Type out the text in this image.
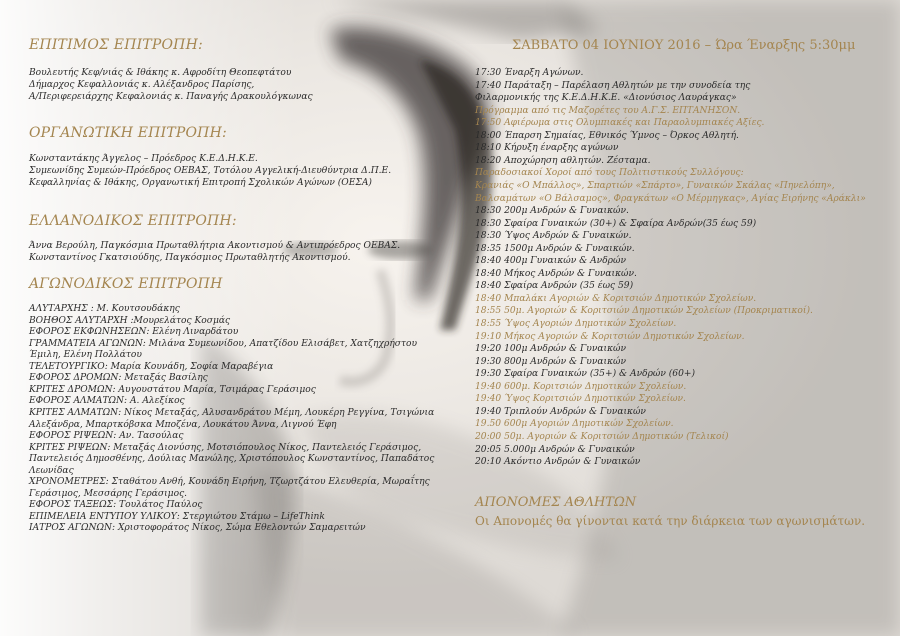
ΕΠΙΤΙΜΟΣ ΕΠΙΤΡΟΠΗ:
Βουλευτής Κεφ/νιάς & Ιθάκης κ. Αφροδίτη Θεοπεφτάτου
Δήμαρχος Κεφαλλονιάς κ. Αλέξανδρος Παρίσης,
Α/Περιφερειάρχης Κεφαλονιάς κ. Παναγής Δρακουλόγκωνας
ΟΡΓΑΝΩΤΙΚΗ ΕΠΙΤΡΟΠΗ:
Κωνσταντάκης Άγγελος – Πρόεδρος Κ.Ε.Δ.Η.Κ.Ε.
Συμεωνίδης Συμεών-Πρόεδρος ΟΕΒΑΣ, Τοτόλου Αγγελική-Διευθύντρια Δ.Π.Ε.
Κεφαλληνίας & Ιθάκης, Οργανωτική Επιτροπή Σχολικών Αγώνων (ΟΕΣΑ)
ΕΛΛΑΝΟΔΙΚΟΣ ΕΠΙΤΡΟΠΗ:
Άννα Βερούλη, Παγκόσμια Πρωταθλήτρια Ακοντισμού & Αντιπρόεδρος ΟΕΒΑΣ.
Κωνσταντίνος Γκατσιούδης, Παγκόσμιος Πρωταθλητής Ακοντισμού.
ΑΓΩΝΟΔΙΚΟΣ ΕΠΙΤΡΟΠΗ
ΑΛΥΤΑΡΧΗΣ : Μ. Κουτσουδάκης
ΒΟΗΘΟΣ ΑΛΥΤΑΡΧΗ :Μουρελάτος Κοσμάς
ΕΦΟΡΟΣ ΕΚΦΩΝΗΣΕΩΝ: Ελένη Λιναρδάτου
ΓΡΑΜΜΑΤΕΙΑ ΑΓΩΝΩΝ: Μιλάνα Συμεωνίδου, Απατζίδου Ελισάβετ, Χατζηχρήστου
Έμιλη, Ελένη Πολλάτου
ΤΕΛΕΤΟΥΡΓΙΚΟ: Μαρία Κουνάδη, Σοφία Μαραβέγια
ΕΦΟΡΟΣ ΔΡΟΜΩΝ: Μεταξάς Βασίλης
ΚΡΙΤΕΣ ΔΡΟΜΩΝ: Αυγουστάτου Μαρία, Τσιμάρας Γεράσιμος
ΕΦΟΡΟΣ ΑΛΜΑΤΩΝ: Α. Αλεξίκος
ΚΡΙΤΕΣ ΑΛΜΑΤΩΝ: Νίκος Μεταξάς, Αλυσανδράτου Μέμη, Λουκέρη Ρεγγίνα, Τσιγώνια
Αλεξάνδρα, Μπαρτκόβσκα Μποζένα, Λουκάτου Άννα, Λιγνού Έφη
ΕΦΟΡΟΣ ΡΙΨΕΩΝ: Αν. Τασούλας
ΚΡΙΤΕΣ ΡΙΨΕΩΝ: Μεταξάς Διονύσης, Μοτσιόπουλος Νίκος, Παντελειός Γεράσιμος,
Παντελειός Δημοσθένης, Δούλιας Μανώλης, Χριστόπουλος Κωνσταντίνος, Παπαδάτος
Λεωνίδας
ΧΡΟΝΟΜΕΤΡΕΣ: Σταθάτου Ανθή, Κουνάδη Ειρήνη, Τζωρτζάτου Ελευθερία, Μωραΐτης
Γεράσιμος, Μεσσάρης Γεράσιμος.
ΕΦΟΡΟΣ ΤΑΞΕΩΣ: Τουλάτος Παύλος
ΕΠΙΜΕΛΕΙΑ ΕΝΤΥΠΟΥ ΥΛΙΚΟΥ: Στεργιώτου Στάμω – LifeThink
ΙΑΤΡΟΣ ΑΓΩΝΩΝ: Χριστοφοράτος Νίκος, Σώμα Εθελοντών Σαμαρειτών
ΣΑΒΒΑΤΟ 04 ΙΟΥΝΙΟΥ 2016 – Ώρα Έναρξης 5:30μμ
17:30 Έναρξη Αγώνων.
17:40 Παράταξη – Παρέλαση Αθλητών με την συνοδεία της
Φιλαρμονικής της Κ.Ε.Δ.Η.Κ.Ε. «Διονύσιος Λαυράγκας»
Πρόγραμμα από τις Μαζορέτες του Α.Γ.Σ. ΕΠΤΑΝΗΣΟΝ.
17:50 Αφιέρωμα στις Ολυμπιακές και Παραολυμπιακές Αξίες.
18:00 Έπαρση Σημαίας, Εθνικός Ύμνος – Όρκος Αθλητή.
18:10 Κήρυξη έναρξης αγώνων
18:20 Αποχώρηση αθλητών. Ζέσταμα.
Παραδοσιακοί Χοροί από τους Πολιτιστικούς Συλλόγους:
Κρανιάς «Ο Μπάλλος», Σπαρτιών «Σπάρτο», Γυναικών Σκάλας «Πηνελόπη»,
Βαλσαμάτων «Ο Βάλσαμος», Φραγκάτων «Ο Μέρμηγκας», Αγίας Ειρήνης «Αράκλι»
18:30 200μ Ανδρών & Γυναικών.
18:30 Σφαίρα Γυναικών (30+) & Σφαίρα Ανδρών(35 έως 59)
18:30 Ύψος Ανδρών & Γυναικών.
18:35 1500μ Ανδρών & Γυναικών.
18:40 400μ Γυναικών & Ανδρών
18:40 Μήκος Ανδρών & Γυναικών.
18:40 Σφαίρα Ανδρών (35 έως 59)
18:40 Μπαλάκι Αγοριών & Κοριτσιών Δημοτικών Σχολείων.
18:55 50μ. Αγοριών & Κοριτσιών Δημοτικών Σχολείων (Προκριματικοί).
18:55 Ύψος Αγοριών Δημοτικών Σχολείων.
19:10 Μήκος Αγοριών & Κοριτσιών Δημοτικών Σχολείων.
19:20 100μ Ανδρών & Γυναικών
19:30 800μ Ανδρών & Γυναικών
19:30 Σφαίρα Γυναικών (35+) & Ανδρών (60+)
19:40 600μ. Κοριτσιών Δημοτικών Σχολείων.
19:40 Ύψος Κοριτσιών Δημοτικών Σχολείων.
19:40 Τριπλούν Ανδρών & Γυναικών
19.50 600μ Αγοριών Δημοτικών Σχολείων.
20:00 50μ. Αγοριών & Κοριτσιών Δημοτικών (Τελικοί)
20:05 5.000μ Ανδρών & Γυναικών
20:10 Ακόντιο Ανδρών & Γυναικών
ΑΠΟΝΟΜΕΣ ΑΘΛΗΤΩΝ
Οι Απονομές θα γίνονται κατά την διάρκεια των αγωνισμάτων.
